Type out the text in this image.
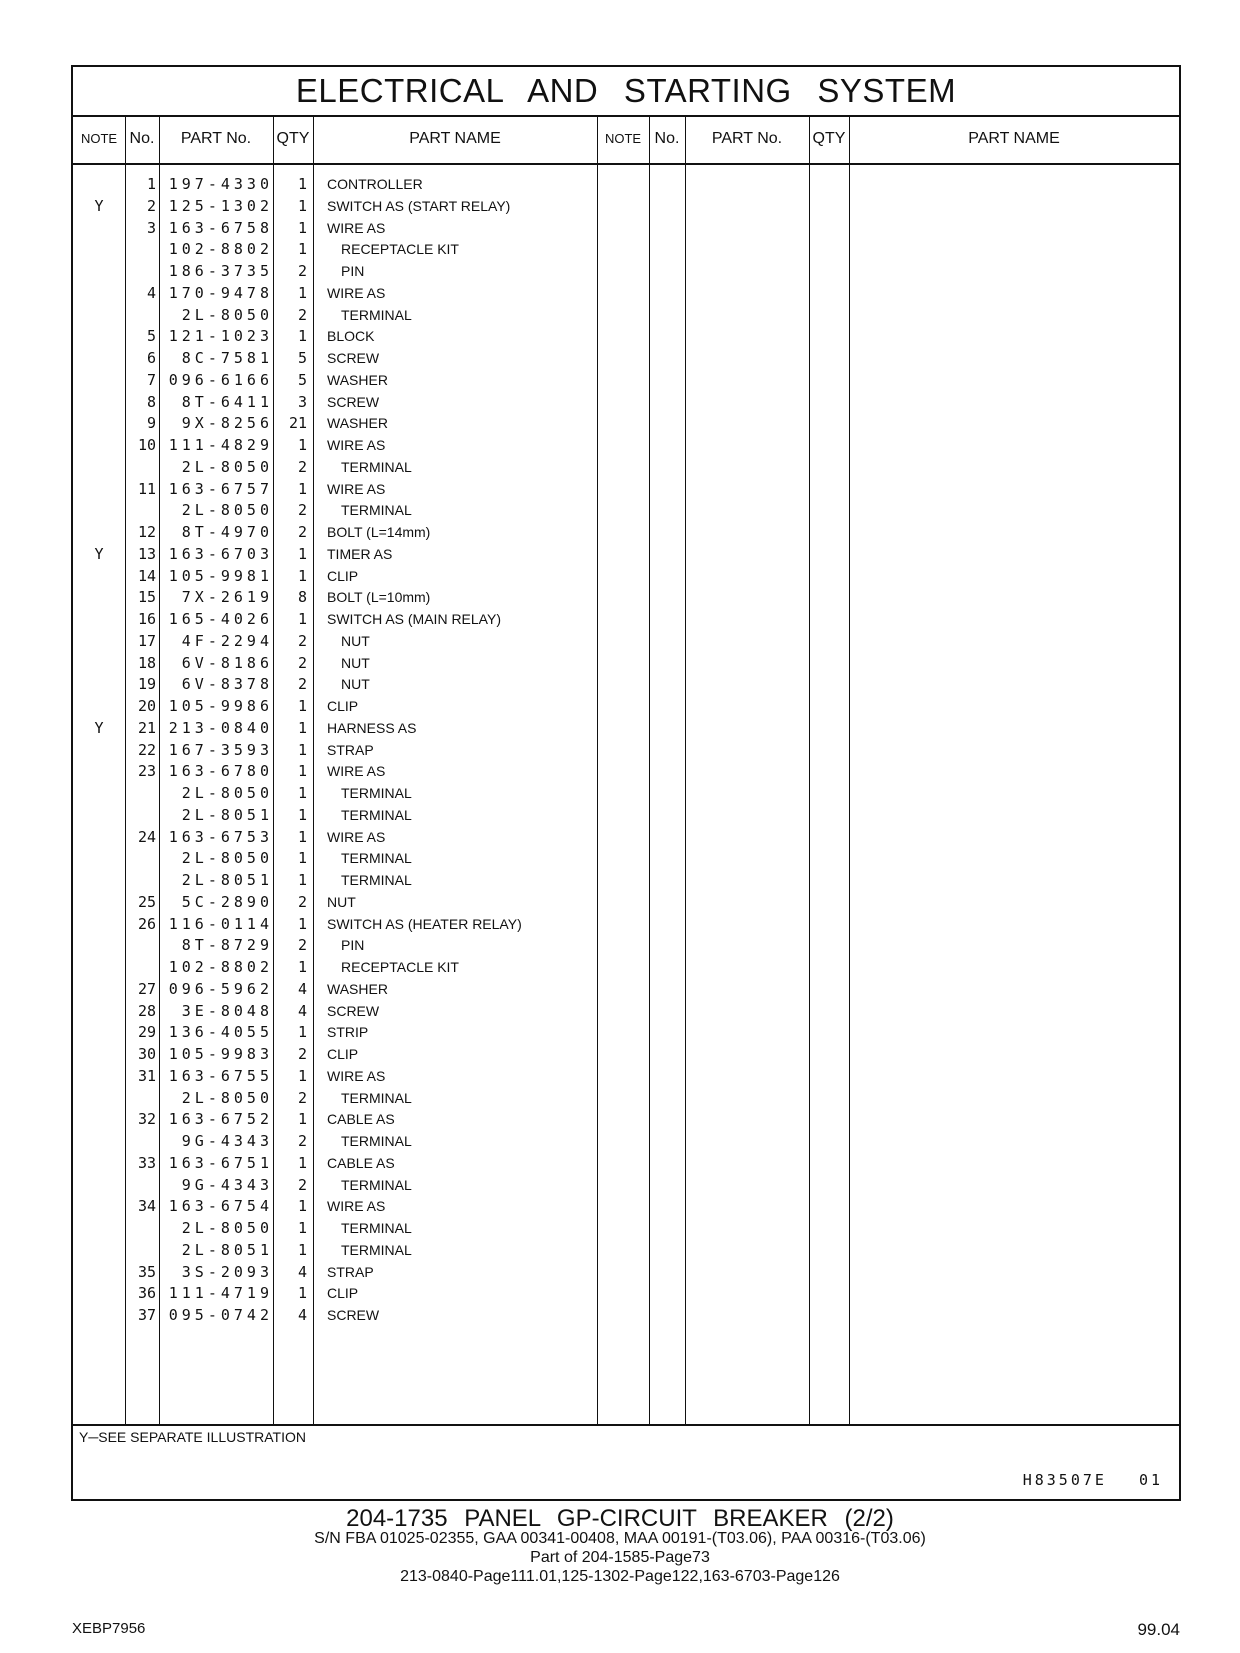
ELECTRICAL AND STARTING SYSTEM
NOTE No.	PART No.	QTY	PART NAME	NOTE No.	PART No.	QTY	PART NAME
1 197-4330	1 CONTROLLER
Y	2 125-1302	1 SWITCH AS (START RELAY)
3 163-6758	1 WIRE AS
102-8802	1 RECEPTACLE KIT
186-3735	2 PIN
4 170-9478	1 WIRE AS
2L-8050	2 TERMINAL
5 121-1023	1 BLOCK
6	8C-7581	5 SCREW
7 096-6166	5 WASHER
8	8T-6411	3 SCREW
9	9X-8256	21 WASHER
10 111-4829	1 WIRE AS
2L-8050	2 TERMINAL
11 163-6757	1 WIRE AS
2L-8050	2 TERMINAL
12	8T-4970	2 BOLT (L=14mm)
Y	13 163-6703	1 TIMER AS
14 105-9981	1 CLIP
15	7X-2619	8 BOLT (L=10mm)
16 165-4026	1 SWITCH AS (MAIN RELAY)
17	4F-2294	2 NUT
18	6V-8186	2 NUT
19	6V-8378	2 NUT
20 105-9986	1 CLIP
Y	21 213-0840	1 HARNESS AS
22 167-3593	1 STRAP
23 163-6780	1 WIRE AS
2L-8050	1 TERMINAL
2L-8051	1 TERMINAL
24 163-6753	1 WIRE AS
2L-8050	1 TERMINAL
2L-8051	1 TERMINAL
25	5C-2890	2 NUT
26 116-0114	1 SWITCH AS (HEATER RELAY)
8T-8729	2 PIN
102-8802	1 RECEPTACLE KIT
27 096-5962	4 WASHER
28	3E-8048	4 SCREW
29 136-4055	1 STRIP
30 105-9983	2 CLIP
31 163-6755	1 WIRE AS
2L-8050	2 TERMINAL
32 163-6752	1 CABLE AS
9G-4343	2 TERMINAL
33 163-6751	1 CABLE AS
9G-4343	2 TERMINAL
34 163-6754	1 WIRE AS
2L-8050	1 TERMINAL
2L-8051	1 TERMINAL
35	3S-2093	4 STRAP
36 111-4719	1 CLIP
37 095-0742	4 SCREW
Y─SEE SEPARATE ILLUSTRATION
H83507E 01
204-1735 PANEL GP-CIRCUIT BREAKER (2/2)
S/N FBA 01025-02355, GAA 00341-00408, MAA 00191-(T03.06), PAA 00316-(T03.06)
Part of 204-1585-Page73
213-0840-Page111.01,125-1302-Page122,163-6703-Page126
XEBP7956	99.04
